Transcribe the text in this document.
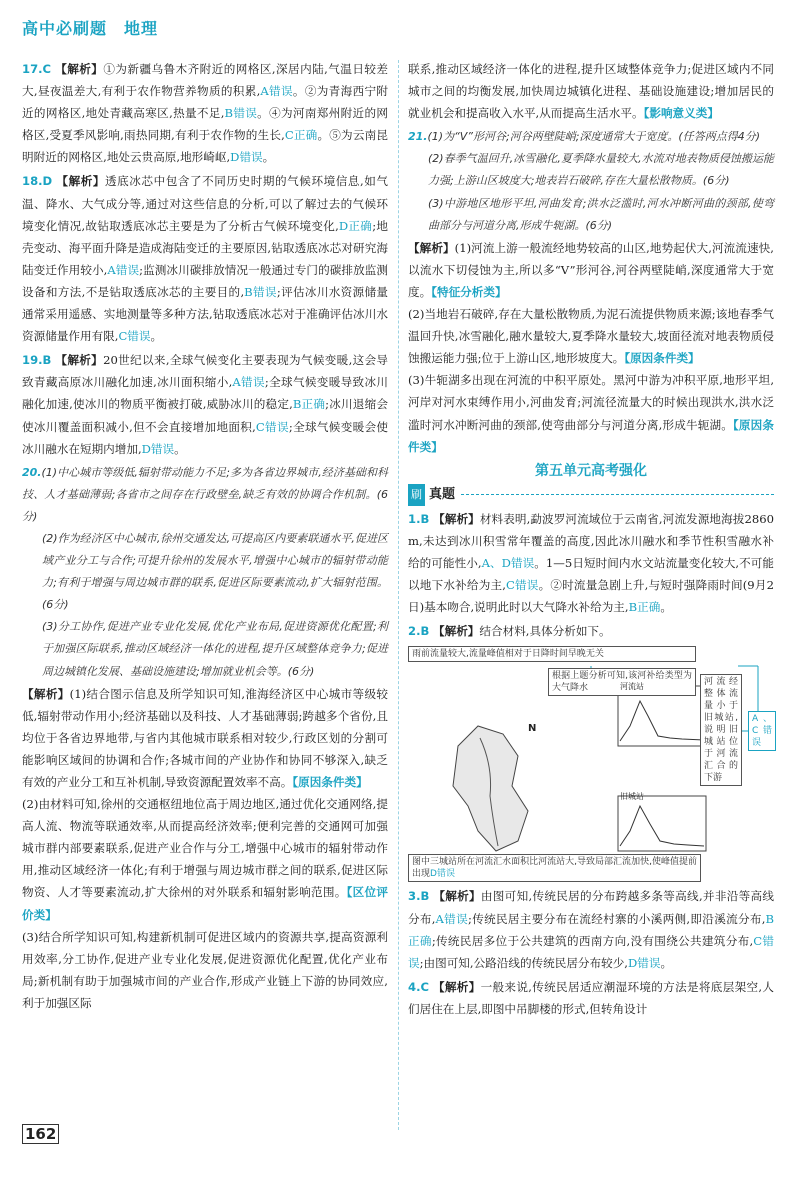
高中必刷题　地理
17.C 【解析】①为新疆乌鲁木齐附近的网格区,深居内陆,气温日较差大,昼夜温差大,有利于农作物营养物质的积累,A错误。②为青海西宁附近的网格区,地处青藏高寒区,热量不足,B错误。④为河南郑州附近的网格区,受夏季风影响,雨热同期,有利于农作物的生长,C正确。⑤为云南昆明附近的网格区,地处云贵高原,地形崎岖,D错误。
18.D 【解析】透底冰芯中包含了不同历史时期的气候环境信息,如气温、降水、大气成分等,通过对这些信息的分析,可以了解过去的气候环境变化情况,故钻取透底冰芯主要是为了分析古气候环境变化,D正确;地壳变动、海平面升降是造成海陆变迁的主要原因,钻取透底冰芯对研究海陆变迁作用较小,A错误;监测冰川碳排放情况一般通过专门的碳排放监测设备和方法,不是钻取透底冰芯的主要目的,B错误;评估冰川水资源储量通常采用遥感、实地测量等多种方法,钻取透底冰芯对于准确评估冰川水资源储量作用有限,C错误。
19.B 【解析】20世纪以来,全球气候变化主要表现为气候变暖,这会导致青藏高原冰川融化加速,冰川面积缩小,A错误;全球气候变暖导致冰川融化加速,使冰川的物质平衡被打破,威胁冰川的稳定,B正确;冰川退缩会使冰川覆盖面积减小,但不会直接增加地面积,C错误;全球气候变暖会使冰川融水在短期内增加,D错误。
20.(1)中心城市等级低,辐射带动能力不足;多为各省边界城市,经济基础和科技、人才基础薄弱;各省市之间存在行政壁垒,缺乏有效的协调合作机制。(6分)
(2)作为经济区中心城市,徐州交通发达,可提高区内要素联通水平,促进区域产业分工与合作;可提升徐州的发展水平,增强中心城市的辐射带动能力;有利于增强与周边城市群的联系,促进区际要素流动,扩大辐射范围。(6分)
(3)分工协作,促进产业专业化发展,优化产业布局,促进资源优化配置;利于加强区际联系,推动区域经济一体化的进程,提升区域整体竞争力;促进周边城镇化发展、基础设施建设;增加就业机会等。(6分)
【解析】(1)结合图示信息及所学知识可知,淮海经济区中心城市等级较低,辐射带动作用小;经济基础以及科技、人才基础薄弱;跨越多个省份,且均位于各省边界地带,与省内其他城市联系相对较少,行政区划的分割可能影响区域间的协调和合作;各城市间的产业协作和协同不够深入,缺乏有效的产业分工和互补机制,导致资源配置效率不高。【原因条件类】
(2)由材料可知,徐州的交通枢纽地位高于周边地区,通过优化交通网络,提高人流、物流等联通效率,从而提高经济效率;便利完善的交通网可加强城市群内部要素联系,促进产业合作与分工,增强中心城市的辐射带动作用,推动区域经济一体化;有利于增强与周边城市群之间的联系,促进区际物资、人才等要素流动,扩大徐州的对外联系和辐射影响范围。【区位评价类】
(3)结合所学知识可知,构建新机制可促进区域内的资源共享,提高资源利用效率,分工协作,促进产业专业化发展,促进资源优化配置,优化产业布局;新机制有助于加强城市间的产业合作,形成产业链上下游的协同效应,利于加强区际
联系,推动区域经济一体化的进程,提升区域整体竞争力;促进区域内不同城市之间的均衡发展,加快周边城镇化进程、基础设施建设;增加居民的就业机会和提高收入水平,从而提高生活水平。【影响意义类】
21.(1)为“V”形河谷;河谷两壁陡峭;深度通常大于宽度。(任答两点得4分)
(2)春季气温回升,冰雪融化,夏季降水量较大,水流对地表物质侵蚀搬运能力强;上游山区坡度大;地表岩石破碎,存在大量松散物质。(6分)
(3)中游地区地形平坦,河曲发育;洪水泛滥时,河水冲断河曲的颈部,使弯曲部分与河道分离,形成牛轭湖。(6分)
【解析】(1)河流上游一般流经地势较高的山区,地势起伏大,河流流速快,以流水下切侵蚀为主,所以多“V”形河谷,河谷两壁陡峭,深度通常大于宽度。【特征分析类】
(2)当地岩石破碎,存在大量松散物质,为泥石流提供物质来源;该地春季气温回升快,冰雪融化,融水量较大,夏季降水量较大,坡面径流对地表物质侵蚀搬运能力强;位于上游山区,地形坡度大。【原因条件类】
(3)牛轭湖多出现在河流的中积平原处。黑河中游为冲积平原,地形平坦,河岸对河水束缚作用小,河曲发育;河流径流量大的时候出现洪水,洪水泛滥时河水冲断河曲的颈部,使弯曲部分与河道分离,形成牛轭湖。【原因条件类】
第五单元高考强化
刷 真题
1.B 【解析】材料表明,勐波罗河流域位于云南省,河流发源地海拔2860 m,未达到冰川积雪常年覆盖的高度,因此冰川融水和季节性积雪融水补给的可能性小,A、D错误。1—5日短时间内水文站流量变化较大,不可能以地下水补给为主,C错误。②时流量急剧上升,与短时强降雨时间(9月2日)基本吻合,说明此时以大气降水补给为主,B正确。
2.B 【解析】结合材料,具体分析如下。
雨前流量较大,流量峰值相对于日降时间早晚无关
根据上题分析可知,该河补给类型为大气降水
河流经整体流量小于旧城站,说明旧城站位于河流汇合的下游
A、C错误
河流站
旧城站
N
图中三城站所在河流汇水面积比河流站大,导致局部汇流加快,使峰值提前出现D错误
3.B 【解析】由图可知,传统民居的分布跨越多条等高线,并非沿等高线分布,A错误;传统民居主要分布在流经村寨的小溪两侧,即沿溪流分布,B正确;传统民居多位于公共建筑的西南方向,没有围绕公共建筑分布,C错误;由图可知,公路沿线的传统民居分布较少,D错误。
4.C 【解析】一般来说,传统民居适应潮湿环境的方法是将底层架空,人们居住在上层,即图中吊脚楼的形式,但转角设计
162
